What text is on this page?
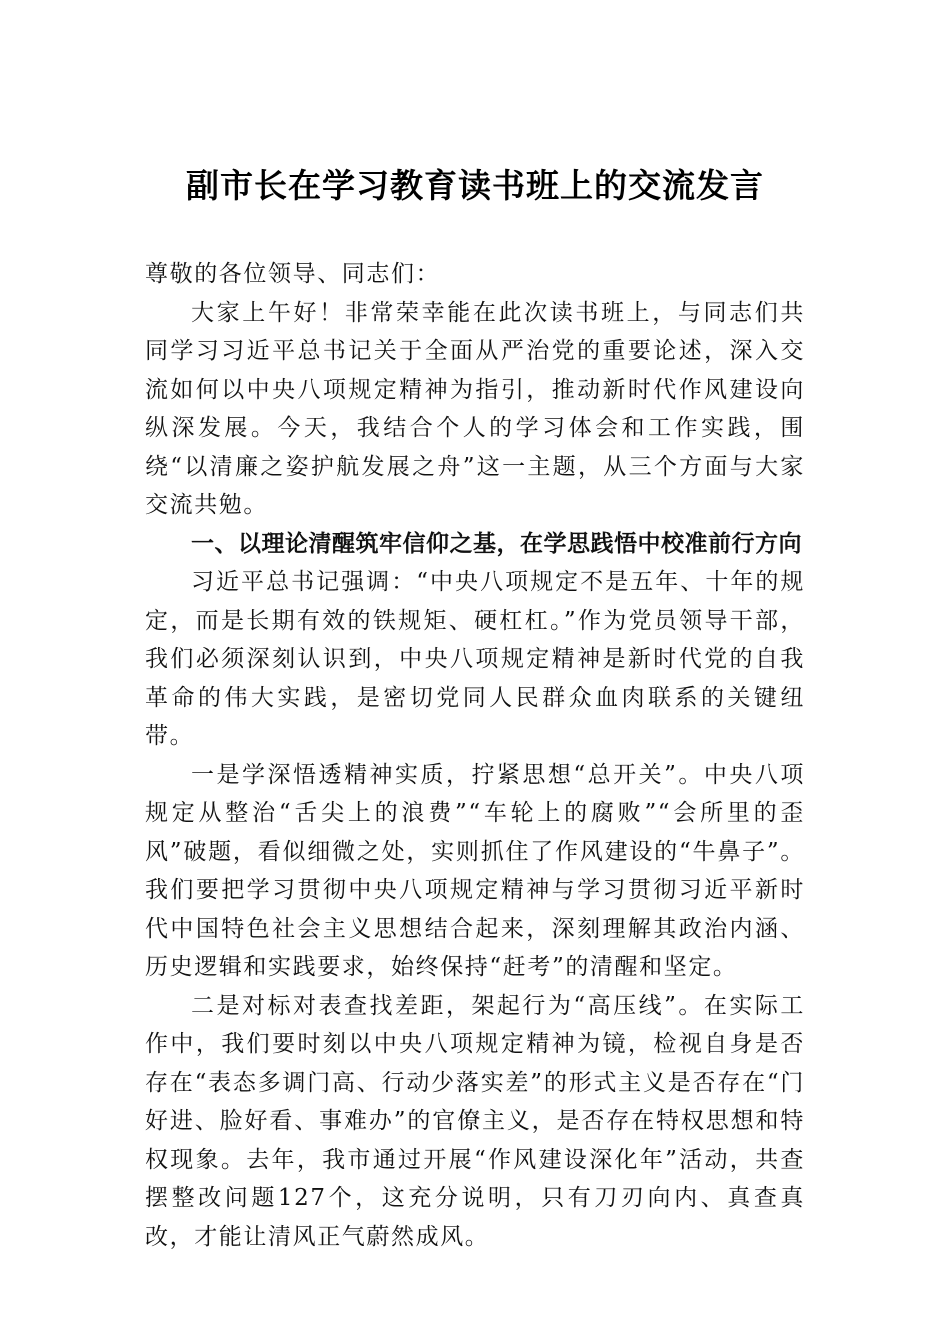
副市长在学习教育读书班上的交流发言

尊敬的各位领导、同志们：

大家上午好！非常荣幸能在此次读书班上，与同志们共同学习习近平总书记关于全面从严治党的重要论述，深入交流如何以中央八项规定精神为指引，推动新时代作风建设向纵深发展。今天，我结合个人的学习体会和工作实践，围绕“以清廉之姿护航发展之舟”这一主题，从三个方面与大家交流共勉。

一、以理论清醒筑牢信仰之基，在学思践悟中校准前行方向

习近平总书记强调：“中央八项规定不是五年、十年的规定，而是长期有效的铁规矩、硬杠杠。”作为党员领导干部，我们必须深刻认识到，中央八项规定精神是新时代党的自我革命的伟大实践，是密切党同人民群众血肉联系的关键纽带。

一是学深悟透精神实质，拧紧思想“总开关”。中央八项规定从整治“舌尖上的浪费”“车轮上的腐败”“会所里的歪风”破题，看似细微之处，实则抓住了作风建设的“牛鼻子”。我们要把学习贯彻中央八项规定精神与学习贯彻习近平新时代中国特色社会主义思想结合起来，深刻理解其政治内涵、历史逻辑和实践要求，始终保持“赶考”的清醒和坚定。

二是对标对表查找差距，架起行为“高压线”。在实际工作中，我们要时刻以中央八项规定精神为镜，检视自身是否存在“表态多调门高、行动少落实差”的形式主义是否存在“门好进、脸好看、事难办”的官僚主义，是否存在特权思想和特权现象。去年，我市通过开展“作风建设深化年”活动，共查摆整改问题127个，这充分说明，只有刀刃向内、真查真改，才能让清风正气蔚然成风。
